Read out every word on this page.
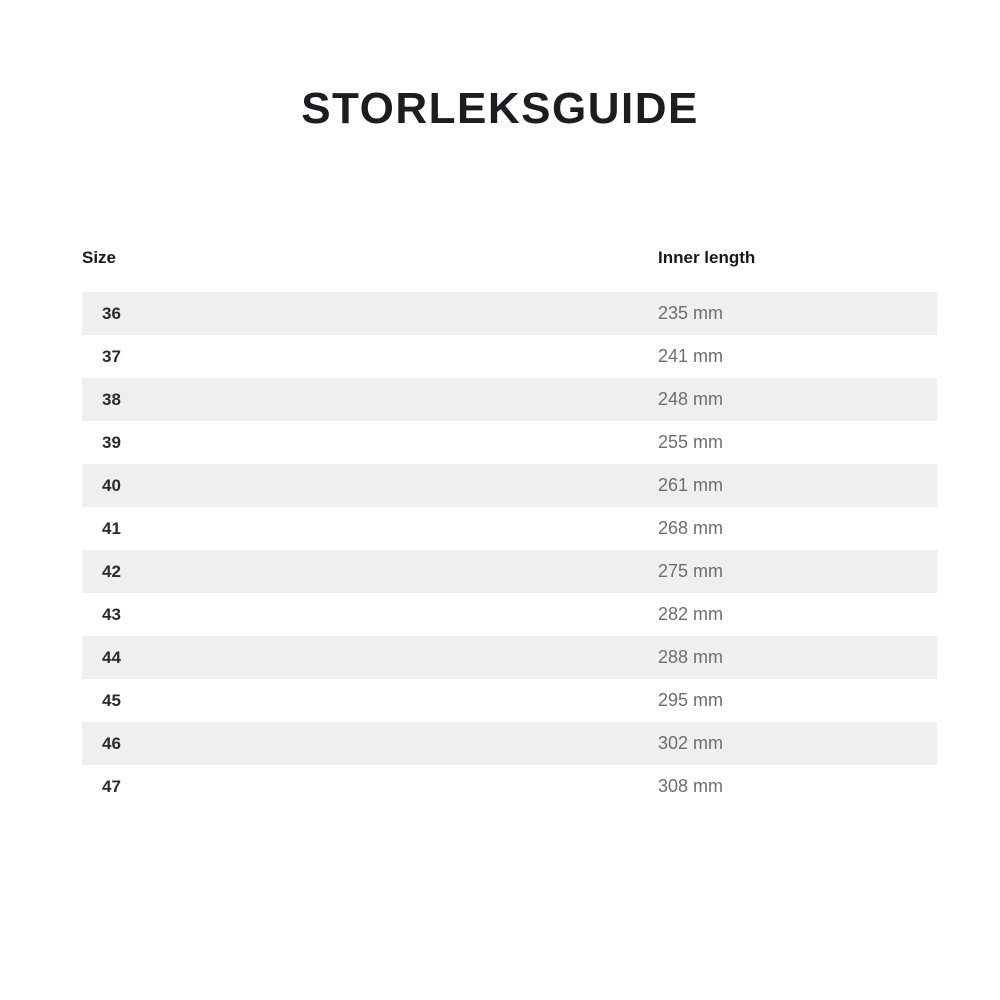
STORLEKSGUIDE
Size	Inner length
36	235 mm
37	241 mm
38	248 mm
39	255 mm
40	261 mm
41	268 mm
42	275 mm
43	282 mm
44	288 mm
45	295 mm
46	302 mm
47	308 mm
